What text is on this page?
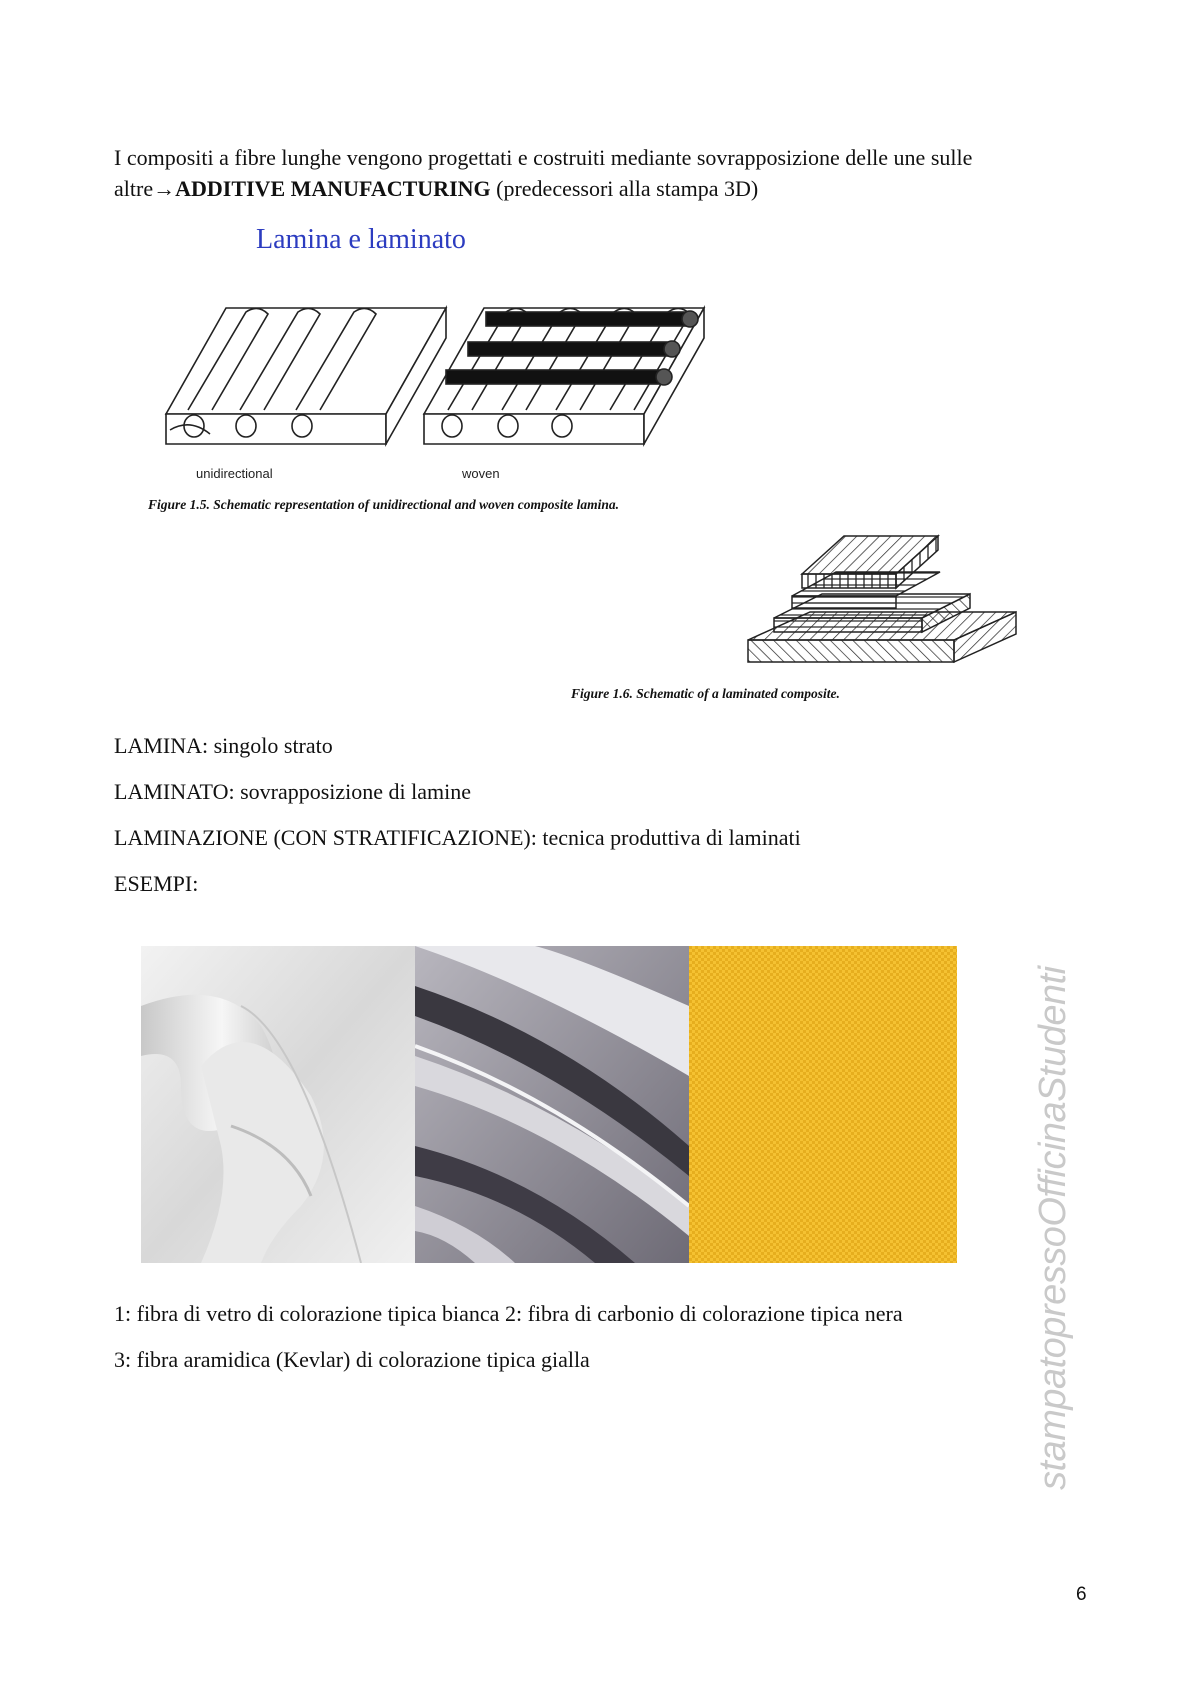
I compositi a fibre lunghe vengono progettati e costruiti mediante sovrapposizione delle une sulle
altre→ADDITIVE MANUFACTURING (predecessori alla stampa 3D)
Lamina e laminato
unidirectional	woven
Figure 1.5. Schematic representation of unidirectional and woven composite lamina.
Figure 1.6. Schematic of a laminated composite.
LAMINA: singolo strato
LAMINATO: sovrapposizione di lamine
LAMINAZIONE (CON STRATIFICAZIONE): tecnica produttiva di laminati
ESEMPI:
1: fibra di vetro di colorazione tipica bianca 2: fibra di carbonio di colorazione tipica nera
3: fibra aramidica (Kevlar) di colorazione tipica gialla	stampatopressoOfficinaStudenti
6
